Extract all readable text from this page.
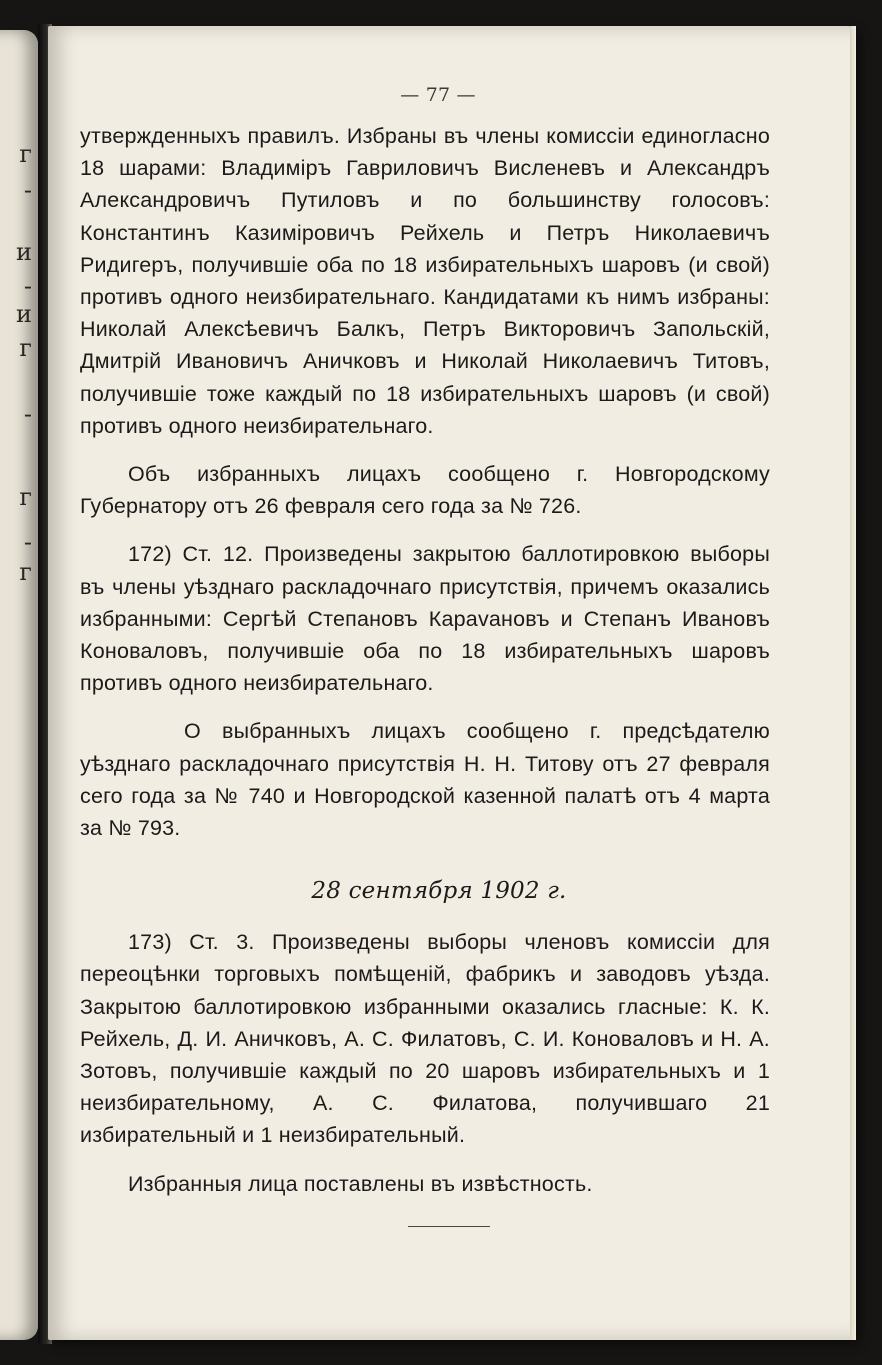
г
-
и
-
и
г
-
г
-
г
— 77 —

утвержденныхъ правилъ. Избраны въ члены комиссіи единогласно 18 шарами: Владиміръ Гавриловичъ Висленевъ и Александръ Александровичъ Путиловъ и по большинству голосовъ: Константинъ Казиміровичъ Рейхель и Петръ Николаевичъ Ридигеръ, получившіе оба по 18 избирательныхъ шаровъ (и свой) противъ одного неизбирательнаго. Кандидатами къ нимъ избраны: Николай Алексѣевичъ Балкъ, Петръ Викторовичъ Запольскій, Дмитрій Ивановичъ Аничковъ и Николай Николаевичъ Титовъ, получившіе тоже каждый по 18 избирательныхъ шаровъ (и свой) противъ одного неизбирательнаго.

Объ избранныхъ лицахъ сообщено г. Новгородскому Губернатору отъ 26 февраля сего года за № 726.

172) Ст. 12. Произведены закрытою баллотировкою выборы въ члены уѣзднаго раскладочнаго присутствія, причемъ оказались избранными: Сергѣй Степановъ Карavановъ и Степанъ Ивановъ Коноваловъ, получившіе оба по 18 избирательныхъ шаровъ противъ одного неизбирательнаго.

О выбранныхъ лицахъ сообщено г. предсѣдателю уѣзднаго раскладочнаго присутствія Н. Н. Титову отъ 27 февраля сего года за № 740 и Новгородской казенной палатѣ отъ 4 марта за № 793.

28 сентября 1902 г.

173) Ст. 3. Произведены выборы членовъ комиссіи для переоцѣнки торговыхъ помѣщеній, фабрикъ и заводовъ уѣзда. Закрытою баллотировкою избранными оказались гласные: К. К. Рейхель, Д. И. Аничковъ, А. С. Филатовъ, С. И. Коноваловъ и Н. А. Зотовъ, получившіе каждый по 20 шаровъ избирательныхъ и 1 неизбирательному, А. С. Филатова, получившаго 21 избирательный и 1 неизбирательный.

Избранныя лица поставлены въ извѣстность.
